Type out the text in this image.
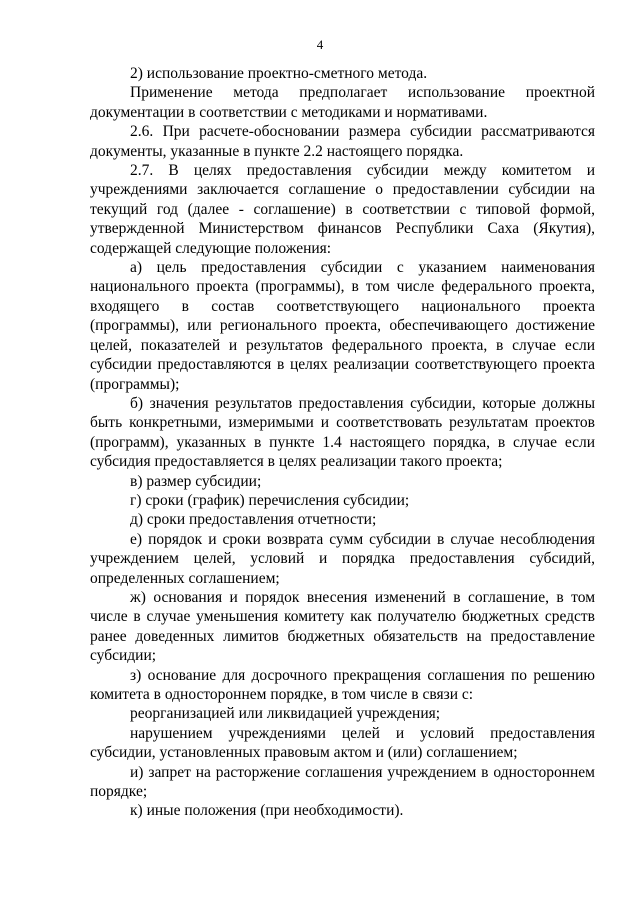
4

2) использование проектно-сметного метода.

Применение метода предполагает использование проектной документации в соответствии с методиками и нормативами.

2.6. При расчете-обосновании размера субсидии рассматриваются документы, указанные в пункте 2.2 настоящего порядка.

2.7. В целях предоставления субсидии между комитетом и учреждениями заключается соглашение о предоставлении субсидии на текущий год (далее - соглашение) в соответствии с типовой формой, утвержденной Министерством финансов Республики Саха (Якутия), содержащей следующие положения:

а) цель предоставления субсидии с указанием наименования национального проекта (программы), в том числе федерального проекта, входящего в состав соответствующего национального проекта (программы), или регионального проекта, обеспечивающего достижение целей, показателей и результатов федерального проекта, в случае если субсидии предоставляются в целях реализации соответствующего проекта (программы);

б) значения результатов предоставления субсидии, которые должны быть конкретными, измеримыми и соответствовать результатам проектов (программ), указанных в пункте 1.4 настоящего порядка, в случае если субсидия предоставляется в целях реализации такого проекта;

в) размер субсидии;

г) сроки (график) перечисления субсидии;

д) сроки предоставления отчетности;

е) порядок и сроки возврата сумм субсидии в случае несоблюдения учреждением целей, условий и порядка предоставления субсидий, определенных соглашением;

ж) основания и порядок внесения изменений в соглашение, в том числе в случае уменьшения комитету как получателю бюджетных средств ранее доведенных лимитов бюджетных обязательств на предоставление субсидии;

з) основание для досрочного прекращения соглашения по решению комитета в одностороннем порядке, в том числе в связи с:

реорганизацией или ликвидацией учреждения;

нарушением учреждениями целей и условий предоставления субсидии, установленных правовым актом и (или) соглашением;

и) запрет на расторжение соглашения учреждением в одностороннем порядке;

к) иные положения (при необходимости).
